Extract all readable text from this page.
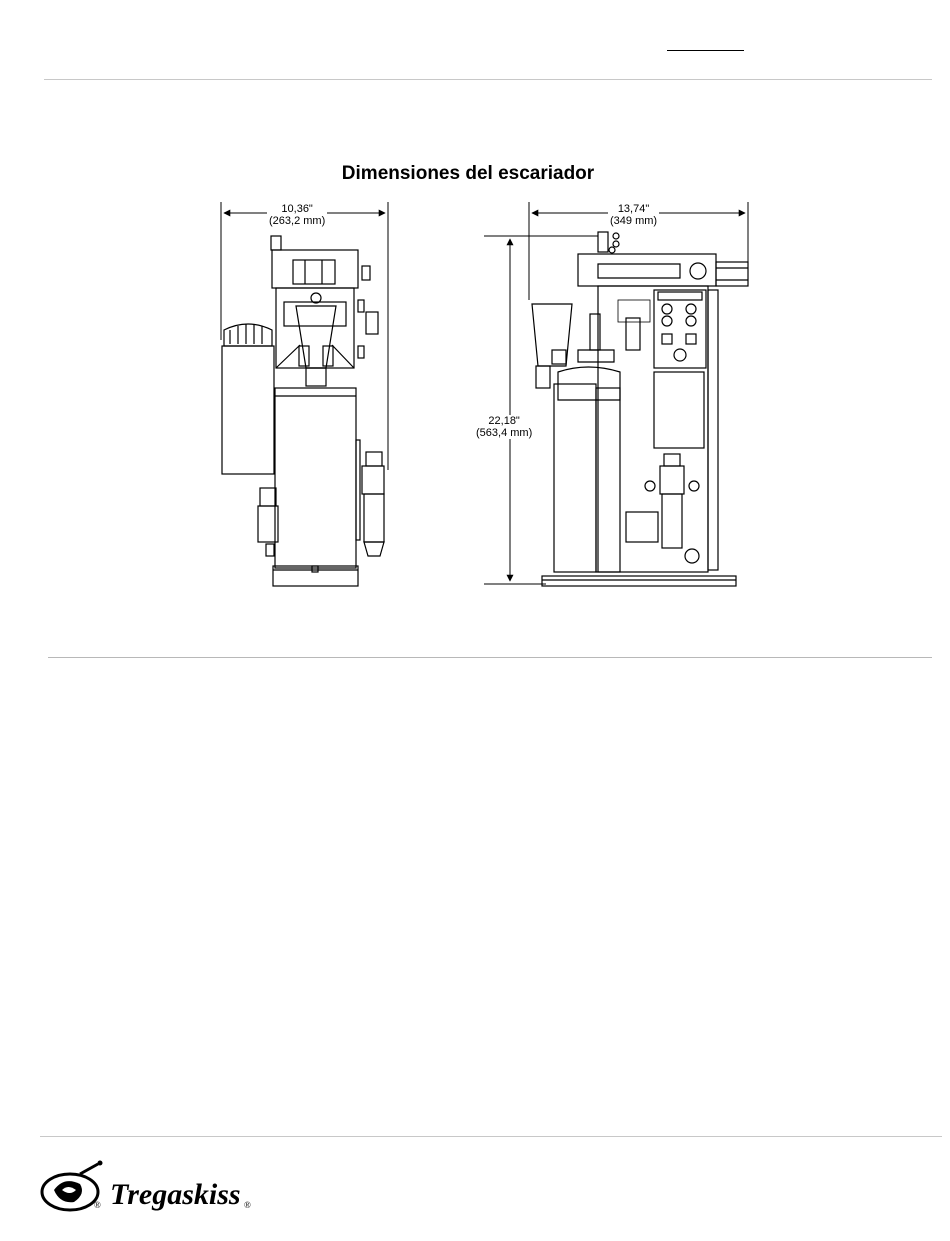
Dimensiones del escariador
10,36"
(263,2 mm)
13,74"
(349 mm)
22,18"
(563,4 mm)
® Tregaskiss ®
